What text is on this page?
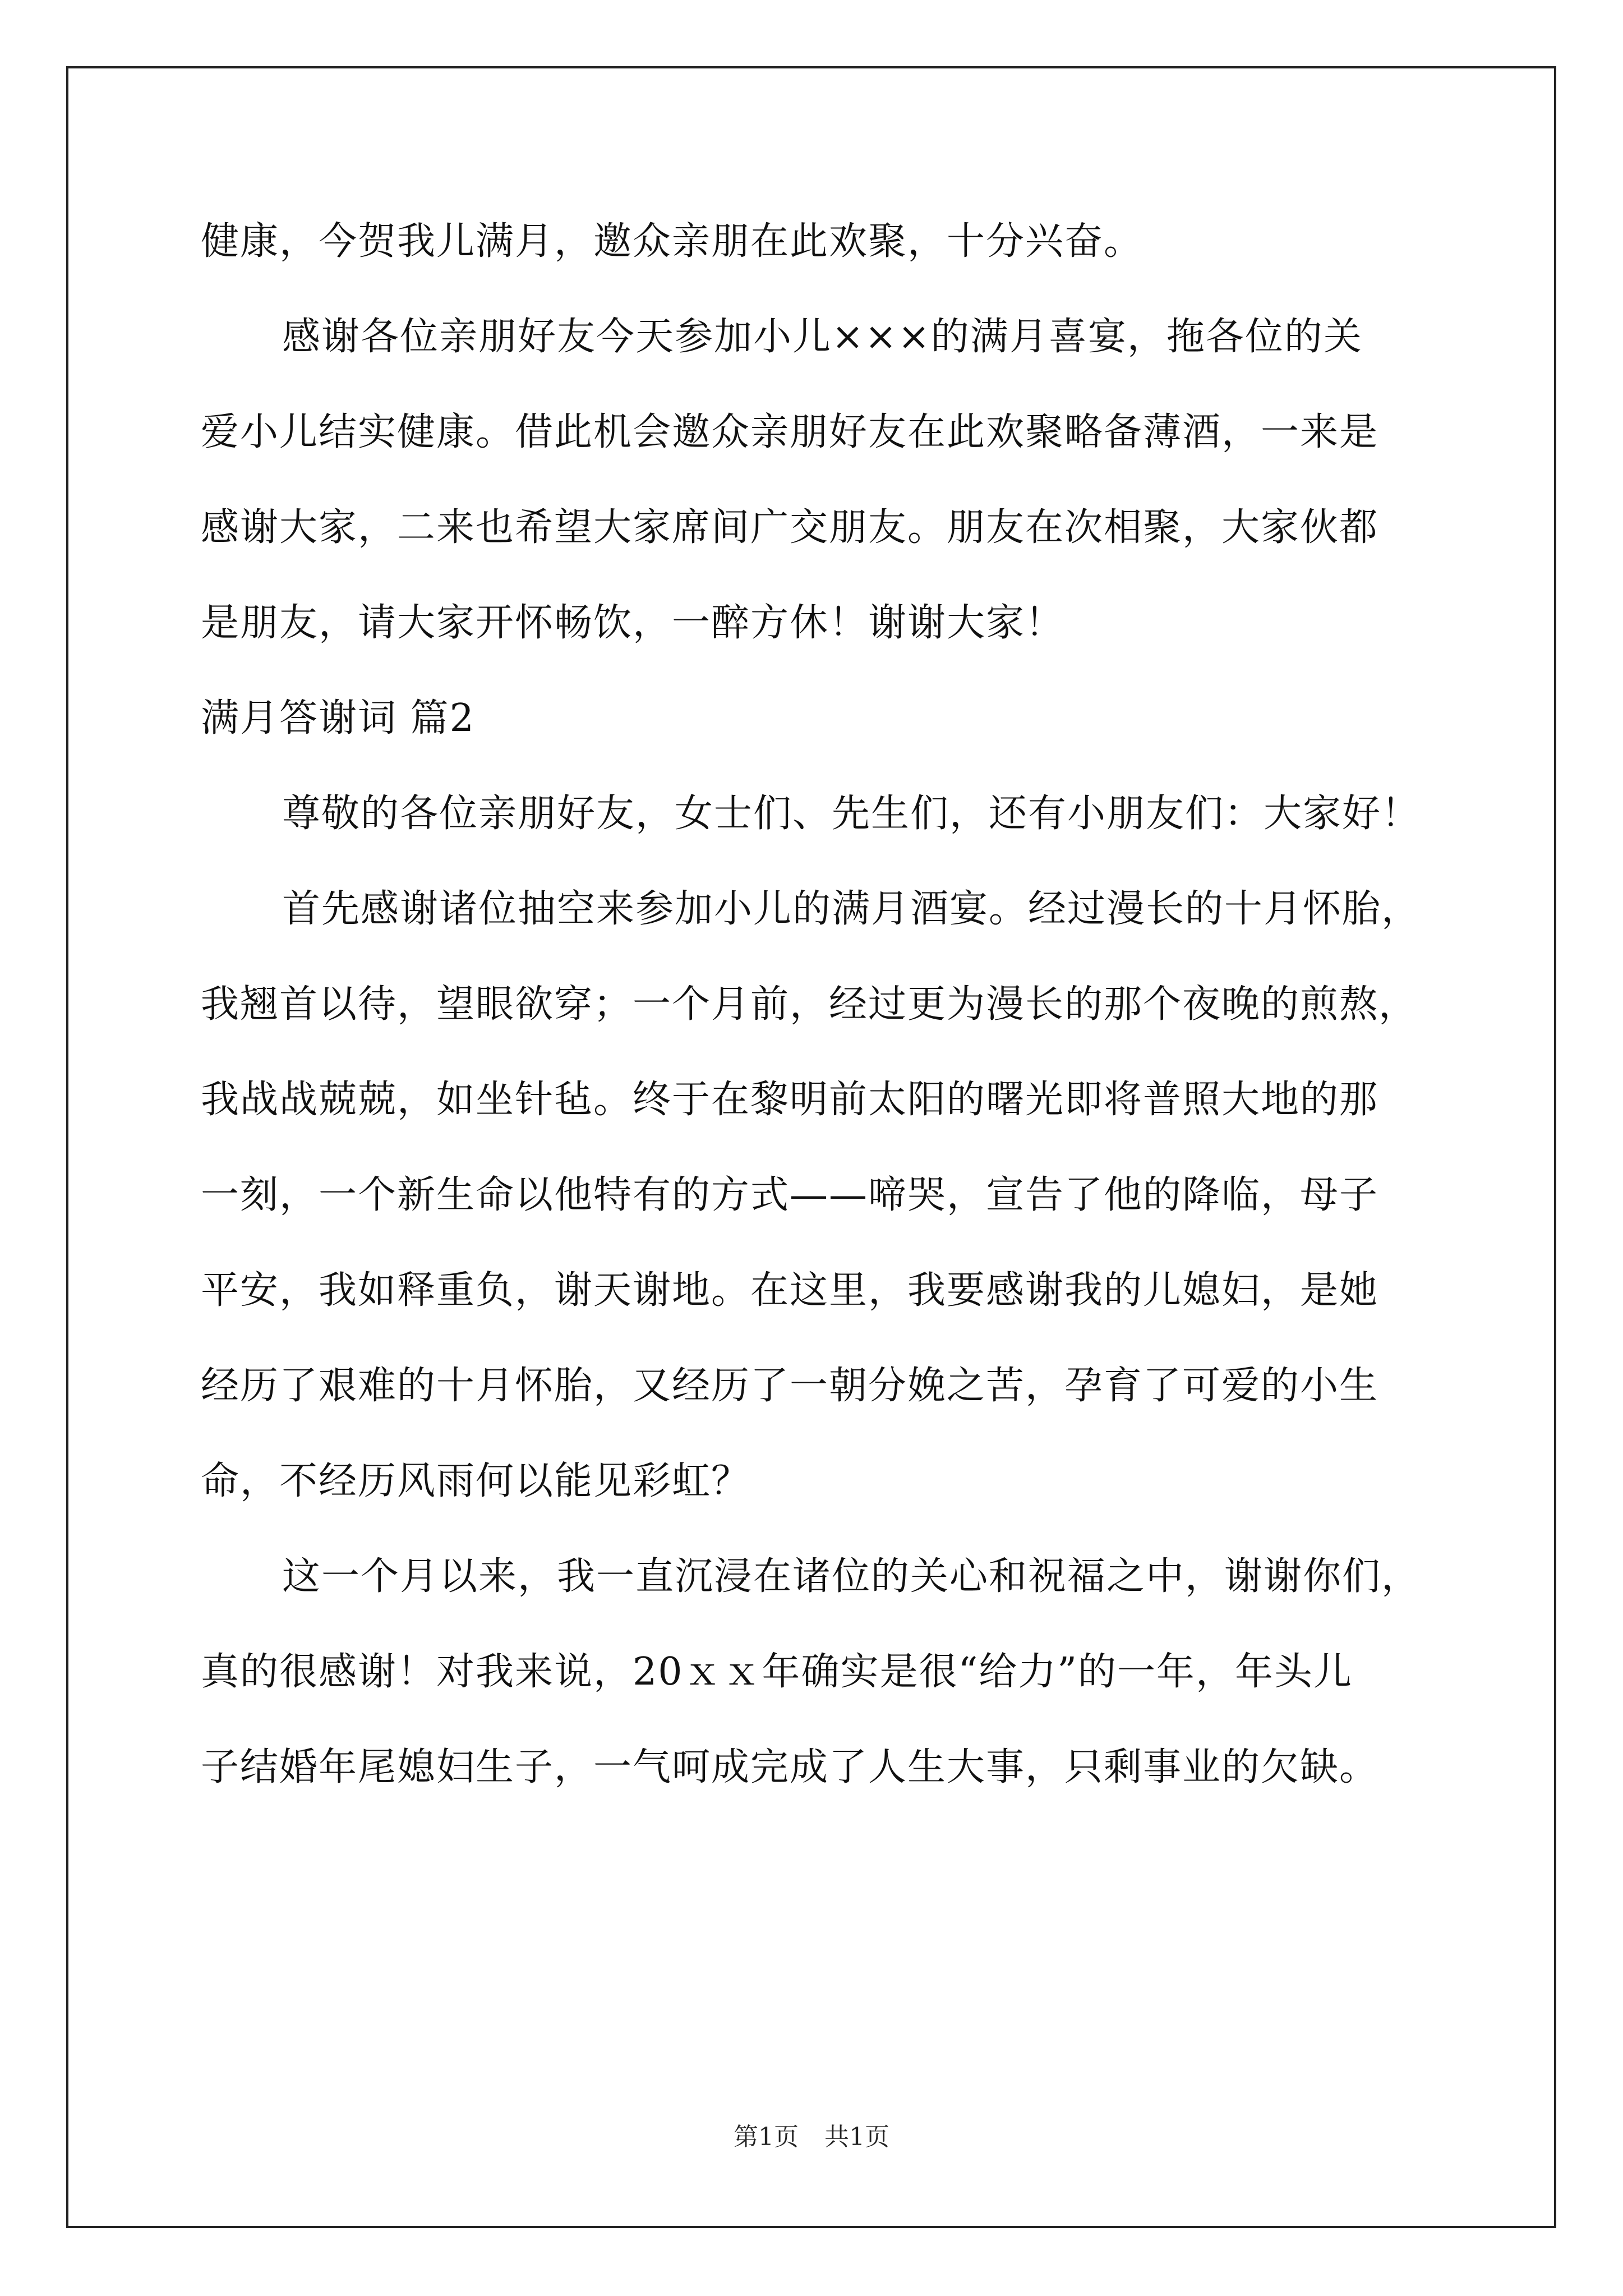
健康，今贺我儿满月，邀众亲朋在此欢聚，十分兴奋。
感谢各位亲朋好友今天参加小儿×××的满月喜宴，拖各位的关
爱小儿结实健康。借此机会邀众亲朋好友在此欢聚略备薄酒，一来是
感谢大家，二来也希望大家席间广交朋友。朋友在次相聚，大家伙都
是朋友，请大家开怀畅饮，一醉方休！谢谢大家！
满月答谢词 篇2
尊敬的各位亲朋好友，女士们、先生们，还有小朋友们：大家好！
首先感谢诸位抽空来参加小儿的满月酒宴。经过漫长的十月怀胎，
我翘首以待，望眼欲穿；一个月前，经过更为漫长的那个夜晚的煎熬，
我战战兢兢，如坐针毡。终于在黎明前太阳的曙光即将普照大地的那
一刻，一个新生命以他特有的方式——啼哭，宣告了他的降临，母子
平安，我如释重负，谢天谢地。在这里，我要感谢我的儿媳妇，是她
经历了艰难的十月怀胎，又经历了一朝分娩之苦，孕育了可爱的小生
命，不经历风雨何以能见彩虹？
这一个月以来，我一直沉浸在诸位的关心和祝福之中，谢谢你们，
真的很感谢！对我来说，20ｘｘ年确实是很“给力”的一年，年头儿
子结婚年尾媳妇生子，一气呵成完成了人生大事，只剩事业的欠缺。
第1页 共1页
